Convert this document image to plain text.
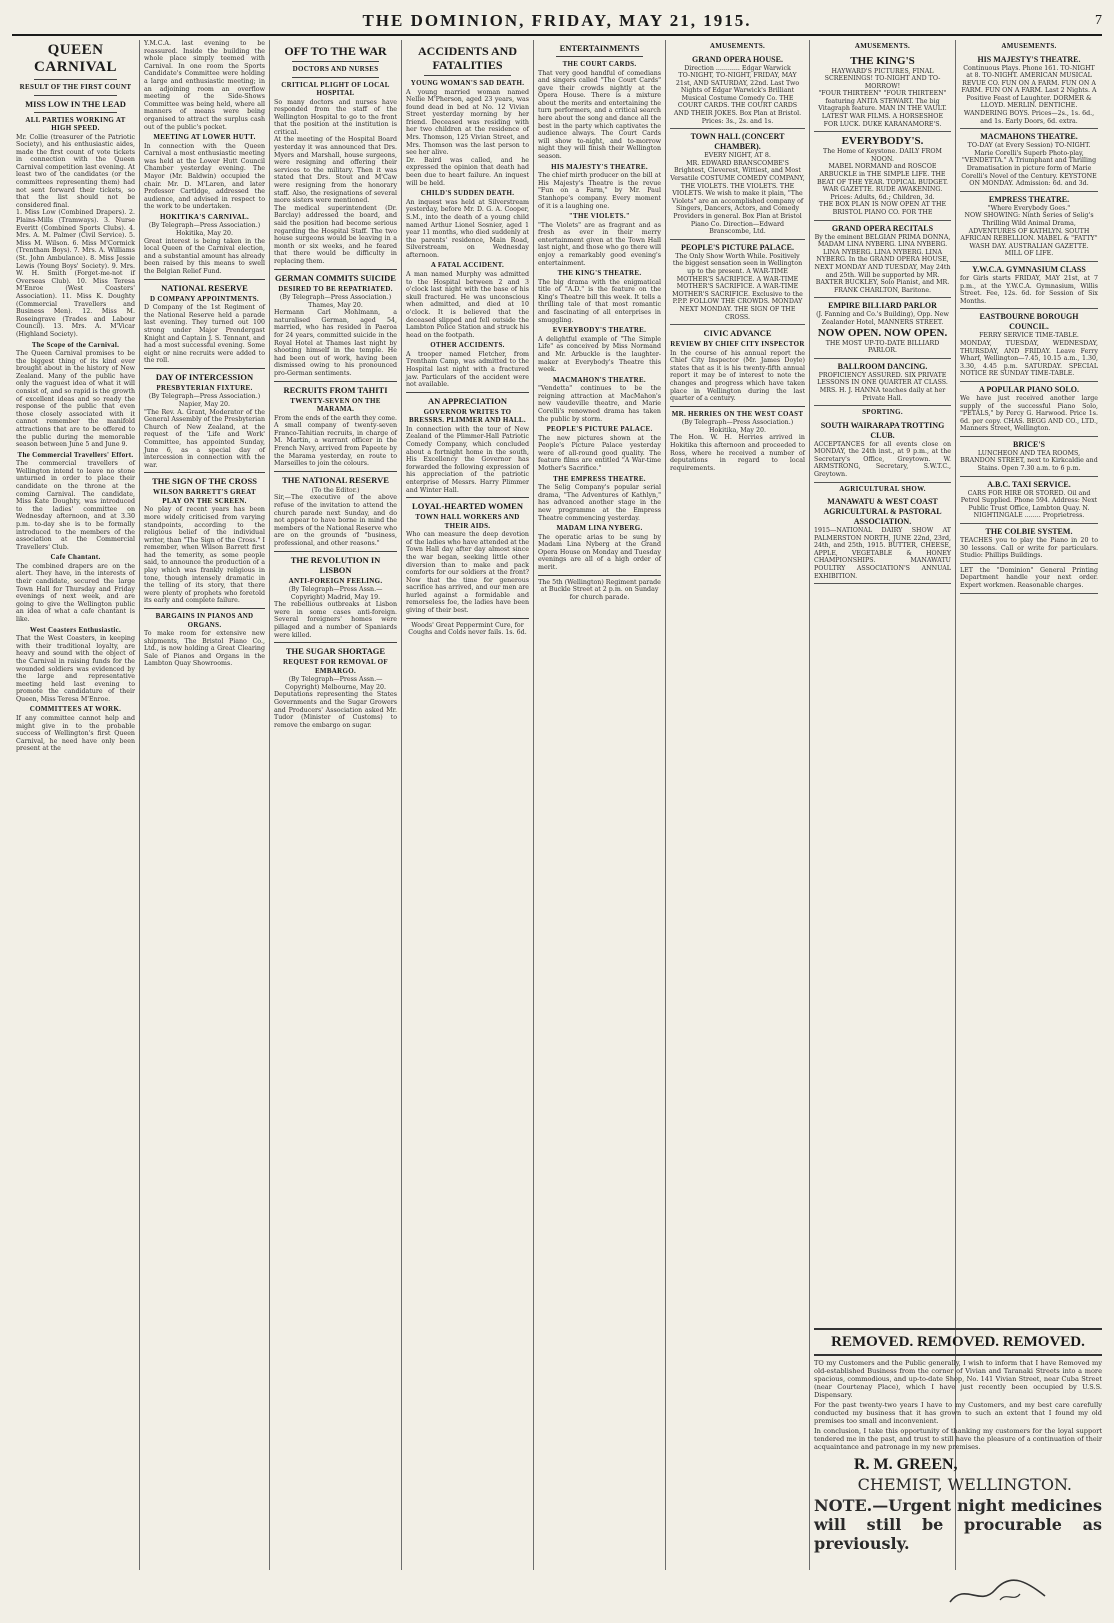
THE DOMINION, FRIDAY, MAY 21, 1915.	7
QUEEN CARNIVAL
RESULT OF THE FIRST COUNT
MISS LOW IN THE LEAD
ALL PARTIES WORKING AT HIGH SPEED.

Mr. Collie (treasurer of the Patriotic Society), and his enthusiastic aides, made the first count of vote tickets in connection with the Queen Carnival competition last evening. At least two of the candidates (or the committees representing them) had not sent forward their tickets, so that the list should not be considered final.

1. Miss Low (Combined Drapers). 2. Plains-Mills (Tramways). 3. Nurse Everitt (Combined Sports Clubs). 4. Mrs. A. M. Palmer (Civil Service). 5. Miss M. Wilson. 6. Miss M'Cormick (Trentham Boys). 7. Mrs. A. Williams (St. John Ambulance). 8. Miss Jessie Lewis (Young Boys' Society). 9. Mrs. W. H. Smith (Forget-me-not if Overseas Club). 10. Miss Teresa M'Enroe (West Coasters' Association). 11. Miss K. Doughty (Commercial Travellers and Business Men). 12. Miss M. Roseingrave (Trades and Labour Council). 13. Mrs. A. M'Vicar (Highland Society).

The Scope of the Carnival.

The Queen Carnival promises to be the biggest thing of its kind ever brought about in the history of New Zealand. Many of the public have only the vaguest idea of what it will consist of, and so rapid is the growth of excellent ideas and so ready the response of the public that even those closely associated with it cannot remember the manifold attractions that are to be offered to the public during the memorable season between June 5 and June 9.

The Commercial Travellers' Effort.

The commercial travellers of Wellington intend to leave no stone unturned in order to place their candidate on the throne at the coming Carnival. The candidate, Miss Kate Doughty, was introduced to the ladies' committee on Wednesday afternoon, and at 3.30 p.m. to-day she is to be formally introduced to the members of the association at the Commercial Travellers' Club.

Cafe Chantant.

The combined drapers are on the alert. They have, in the interests of their candidate, secured the large Town Hall for Thursday and Friday evenings of next week, and are going to give the Wellington public an idea of what a cafe chantant is like.

West Coasters Enthusiastic.

That the West Coasters, in keeping with their traditional loyalty, are heavy and sound with the object of the Carnival in raising funds for the wounded soldiers was evidenced by the large and representative meeting held last evening to promote the candidature of their Queen, Miss Teresa M'Enroe.

COMMITTEES AT WORK.

If any committee cannot help and might give in to the probable success of Wellington's first Queen Carnival, he need have only been present at the

Y.M.C.A. last evening to be reassured. Inside the building the whole place simply teemed with Carnival. In one room the Sports Candidate's Committee were holding a large and enthusiastic meeting; in an adjoining room an overflow meeting of the Side-Shows Committee was being held, where all manners of means were being organised to attract the surplus cash out of the public's pocket.

MEETING AT LOWER HUTT.

In connection with the Queen Carnival a most enthusiastic meeting was held at the Lower Hutt Council Chamber yesterday evening. The Mayor (Mr. Baldwin) occupied the chair. Mr. D. M'Laren, and later Professor Cartldge, addressed the audience, and advised in respect to the work to be undertaken.

HOKITIKA'S CARNIVAL.

(By Telegraph—Press Association.) Hokitika, May 20.

Great interest is being taken in the local Queen of the Carnival election, and a substantial amount has already been raised by this means to swell the Belgian Relief Fund.

NATIONAL RESERVE
D COMPANY APPOINTMENTS.

D Company of the 1st Regiment of the National Reserve held a parade last evening. They turned out 100 strong under Major Prendergast Knight and Captain J. S. Tennant, and had a most successful evening. Some eight or nine recruits were added to the roll.

DAY OF INTERCESSION
PRESBYTERIAN FIXTURE.

(By Telegraph—Press Association.) Napier, May 20.

"The Rev. A. Grant, Moderator of the General Assembly of the Presbyterian Church of New Zealand, at the request of the 'Life and Work' Committee, has appointed Sunday, June 6, as a special day of intercession in connection with the war.

THE SIGN OF THE CROSS
WILSON BARRETT'S GREAT PLAY ON THE SCREEN.

No play of recent years has been more widely criticised from varying standpoints, according to the religious belief of the individual writer, than "The Sign of the Cross." I remember, when Wilson Barrett first had the temerity, as some people said, to announce the production of a play which was frankly religious in tone, though intensely dramatic in the telling of its story, that there were plenty of prophets who foretold its early and complete failure.

BARGAINS IN PIANOS AND ORGANS.

To make room for extensive new shipments, The Bristol Piano Co., Ltd., is now holding a Great Clearing Sale of Pianos and Organs in the Lambton Quay Showrooms.

OFF TO THE WAR
DOCTORS AND NURSES
CRITICAL PLIGHT OF LOCAL HOSPITAL

So many doctors and nurses have responded from the staff of the Wellington Hospital to go to the front that the position at the institution is critical.

At the meeting of the Hospital Board yesterday it was announced that Drs. Myers and Marshall, house surgeons, were resigning and offering their services to the military. Then it was stated that Drs. Stout and M'Caw were resigning from the honorary staff. Also, the resignations of several more sisters were mentioned.

The medical superintendent (Dr. Barclay) addressed the board, and said the position had become serious regarding the Hospital Staff. The two house surgeons would be leaving in a month or six weeks, and he feared that there would be difficulty in replacing them.

GERMAN COMMITS SUICIDE
DESIRED TO BE REPATRIATED.

(By Telegraph—Press Association.) Thames, May 20.

Hermann Carl Mohlmann, a naturalised German, aged 54, married, who has resided in Paeroa for 24 years, committed suicide in the Royal Hotel at Thames last night by shooting himself in the temple. He had been out of work, having been dismissed owing to his pronounced pro-German sentiments.

RECRUITS FROM TAHITI
TWENTY-SEVEN ON THE MARAMA.

From the ends of the earth they come. A small company of twenty-seven Franco-Tahitian recruits, in charge of M. Martin, a warrant officer in the French Navy, arrived from Papeete by the Marama yesterday, en route to Marseilles to join the colours.

THE NATIONAL RESERVE

(To the Editor.)

Sir,—The executive of the above refuse of the invitation to attend the church parade next Sunday, and do not appear to have borne in mind the members of the National Reserve who are on the grounds of "business, professional, and other reasons."

THE REVOLUTION IN LISBON
ANTI-FOREIGN FEELING.

(By Telegraph—Press Assn.—Copyright) Madrid, May 19.

The rebellious outbreaks at Lisbon were in some cases anti-foreign. Several foreigners' homes were pillaged and a number of Spaniards were killed.

THE SUGAR SHORTAGE
REQUEST FOR REMOVAL OF EMBARGO.

(By Telegraph—Press Assn.—Copyright) Melbourne, May 20.

Deputations representing the States Governments and the Sugar Growers and Producers' Association asked Mr. Tudor (Minister of Customs) to remove the embargo on sugar.

ACCIDENTS AND FATALITIES
YOUNG WOMAN'S SAD DEATH.

A young married woman named Nellie M'Pherson, aged 23 years, was found dead in bed at No. 12 Vivian Street yesterday morning by her friend. Deceased was residing with her two children at the residence of Mrs. Thomson, 125 Vivian Street, and Mrs. Thomson was the last person to see her alive.

Dr. Baird was called, and he expressed the opinion that death had been due to heart failure. An inquest will be held.

CHILD'S SUDDEN DEATH.

An inquest was held at Silverstream yesterday, before Mr. D. G. A. Cooper, S.M., into the death of a young child named Arthur Lionel Sosnier, aged 1 year 11 months, who died suddenly at the parents' residence, Main Road, Silverstream, on Wednesday afternoon.

A FATAL ACCIDENT.

A man named Murphy was admitted to the Hospital between 2 and 3 o'clock last night with the base of his skull fractured. He was unconscious when admitted, and died at 10 o'clock. It is believed that the deceased slipped and fell outside the Lambton Police Station and struck his head on the footpath.

OTHER ACCIDENTS.

A trooper named Fletcher, from Trentham Camp, was admitted to the Hospital last night with a fractured jaw. Particulars of the accident were not available.

AN APPRECIATION
GOVERNOR WRITES TO BRESSRS. PLIMMER AND HALL.

In connection with the tour of New Zealand of the Plimmer-Hall Patriotic Comedy Company, which concluded about a fortnight home in the south, His Excellency the Governor has forwarded the following expression of his appreciation of the patriotic enterprise of Messrs. Harry Plimmer and Winter Hall.

LOYAL-HEARTED WOMEN
TOWN HALL WORKERS AND THEIR AIDS.

Who can measure the deep devotion of the ladies who have attended at the Town Hall day after day almost since the war began, seeking little other diversion than to make and pack comforts for our soldiers at the front? Now that the time for generous sacrifice has arrived, and our men are hurled against a formidable and remorseless foe, the ladies have been giving of their best.

Woods' Great Peppermint Cure, for Coughs and Colds never fails. 1s. 6d.

ENTERTAINMENTS
THE COURT CARDS.

That very good handful of comedians and singers called "The Court Cards" gave their crowds nightly at the Opera House. There is a mixture about the merits and entertaining the turn performers, and a critical search here about the song and dance all the best in the party which captivates the audience always. The Court Cards will show to-night, and to-morrow night they will finish their Wellington season.

HIS MAJESTY'S THEATRE.

The chief mirth producer on the bill at His Majesty's Theatre is the revue "Fun on a Farm," by Mr. Paul Stanhope's company. Every moment of it is a laughing one.

"THE VIOLETS."

"The Violets" are as fragrant and as fresh as ever in their merry entertainment given at the Town Hall last night, and those who go there will enjoy a remarkably good evening's entertainment.

THE KING'S THEATRE.

The big drama with the enigmatical title of "A.D." is the feature on the King's Theatre bill this week. It tells a thrilling tale of that most romantic and fascinating of all enterprises in smuggling.

EVERYBODY'S THEATRE.

A delightful example of "The Simple Life" as conceived by Miss Normand and Mr. Arbuckle is the laughter-maker at Everybody's Theatre this week.

MACMAHON'S THEATRE.

"Vendetta" continues to be the reigning attraction at MacMahon's new vaudeville theatre, and Marie Corelli's renowned drama has taken the public by storm.

PEOPLE'S PICTURE PALACE.

The new pictures shown at the People's Picture Palace yesterday were of all-round good quality. The feature films are entitled "A War-time Mother's Sacrifice."

THE EMPRESS THEATRE.

The Selig Company's popular serial drama, "The Adventures of Kathlyn," has advanced another stage in the new programme at the Empress Theatre commencing yesterday.

MADAM LINA NYBERG.

The operatic arias to be sung by Madam Lina Nyberg at the Grand Opera House on Monday and Tuesday evenings are all of a high order of merit.

The 5th (Wellington) Regiment parade at Buckle Street at 2 p.m. on Sunday for church parade.

AMUSEMENTS.
GRAND OPERA HOUSE.

Direction ............ Edgar Warwick

TO-NIGHT, TO-NIGHT, FRIDAY, MAY 21st, AND SATURDAY, 22nd. Last Two Nights of Edgar Warwick's Brilliant Musical Costume Comedy Co. THE COURT CARDS. THE COURT CARDS AND THEIR JOKES. Box Plan at Bristol. Prices: 3s., 2s. and 1s.

TOWN HALL (CONCERT CHAMBER).

EVERY NIGHT, AT 8.

MR. EDWARD BRANSCOMBE'S Brightest, Cleverest, Wittiest, and Most Versatile COSTUME COMEDY COMPANY, THE VIOLETS. THE VIOLETS. THE VIOLETS. We wish to make it plain, "The Violets" are an accomplished company of Singers, Dancers, Actors, and Comedy Providers in general. Box Plan at Bristol Piano Co. Direction—Edward Branscombe, Ltd.

PEOPLE'S PICTURE PALACE.

The Only Show Worth While. Positively the biggest sensation seen in Wellington up to the present. A WAR-TIME MOTHER'S SACRIFICE. A WAR-TIME MOTHER'S SACRIFICE. A WAR-TIME MOTHER'S SACRIFICE. Exclusive to the P.P.P. FOLLOW THE CROWDS. MONDAY NEXT MONDAY. THE SIGN OF THE CROSS.

CIVIC ADVANCE
REVIEW BY CHIEF CITY INSPECTOR

In the course of his annual report the Chief City Inspector (Mr. James Doyle) states that as it is his twenty-fifth annual report it may be of interest to note the changes and progress which have taken place in Wellington during the last quarter of a century.

MR. HERRIES ON THE WEST COAST

(By Telegraph—Press Association.) Hokitika, May 20.

The Hon. W. H. Herries arrived in Hokitika this afternoon and proceeded to Ross, where he received a number of deputations in regard to local requirements.

AMUSEMENTS.
THE KING'S

HAYWARD'S PICTURES, FINAL SCREENINGS! TO-NIGHT AND TO-MORROW!

"FOUR THIRTEEN" "FOUR THIRTEEN" featuring ANITA STEWART. The big Vitagraph feature. MAN IN THE VAULT. LATEST WAR FILMS. A HORSESHOE FOR LUCK. DUKE KARANAMORE'S.

EVERYBODY'S.

The Home of Keystone. DAILY FROM NOON.

MABEL NORMAND and ROSCOE ARBUCKLE in THE SIMPLE LIFE. THE BEAT OF THE YEAR. TOPICAL BUDGET. WAR GAZETTE. RUDE AWAKENING. Prices: Adults, 6d.; Children, 3d.

THE BOX PLAN IS NOW OPEN AT THE BRISTOL PIANO CO. FOR THE

GRAND OPERA RECITALS

By the eminent BELGIAN PRIMA DONNA, MADAM LINA NYBERG. LINA NYBERG. LINA NYBERG. LINA NYBERG. LINA NYBERG. In the GRAND OPERA HOUSE, NEXT MONDAY AND TUESDAY, May 24th and 25th. Will be supported by MR. BAXTER BUCKLEY, Solo Pianist, and MR. FRANK CHARLTON, Baritone.

EMPIRE BILLIARD PARLOR

(J. Fanning and Co.'s Building), Opp. New Zealander Hotel, MANNERS STREET.

NOW OPEN. NOW OPEN.

THE MOST UP-TO-DATE BILLIARD PARLOR.

BALLROOM DANCING.

PROFICIENCY ASSURED. SIX PRIVATE LESSONS IN ONE QUARTER AT CLASS. MRS. H. J. HANNA teaches daily at her Private Hall.

SPORTING.
SOUTH WAIRARAPA TROTTING CLUB.

ACCEPTANCES for all events close on MONDAY, the 24th inst., at 9 p.m., at the Secretary's Office, Greytown. W. ARMSTRONG, Secretary, S.W.T.C., Greytown.

AGRICULTURAL SHOW.
MANAWATU & WEST COAST AGRICULTURAL & PASTORAL ASSOCIATION.

1915—NATIONAL DAIRY SHOW AT PALMERSTON NORTH, JUNE 22nd, 23rd, 24th, and 25th, 1915. BUTTER, CHEESE, APPLE, VEGETABLE & HONEY CHAMPIONSHIPS. MANAWATU POULTRY ASSOCIATION'S ANNUAL EXHIBITION.

AMUSEMENTS.
HIS MAJESTY'S THEATRE.

Continuous Plays. Phone 161. TO-NIGHT at 8. TO-NIGHT. AMERICAN MUSICAL REVUE CO. FUN ON A FARM. FUN ON A FARM. FUN ON A FARM. Last 2 Nights. A Positive Feast of Laughter. DORMER & LLOYD. MERLIN. DENTICHE. WANDERING BOYS. Prices—2s., 1s. 6d., and 1s. Early Doors, 6d. extra.

MACMAHONS THEATRE.

TO-DAY (at Every Session) TO-NIGHT. Marie Corelli's Superb Photo-play, "VENDETTA." A Triumphant and Thrilling Dramatisation in picture form of Marie Corelli's Novel of the Century. KEYSTONE ON MONDAY. Admission: 6d. and 3d.

EMPRESS THEATRE.

"Where Everybody Goes."

NOW SHOWING: Ninth Series of Selig's Thrilling Wild Animal Drama, ADVENTURES OF KATHLYN. SOUTH AFRICAN REBELLION. MABEL & "FATTY" WASH DAY. AUSTRALIAN GAZETTE. MILL OF LIFE.

Y.W.C.A. GYMNASIUM CLASS

for Girls starts FRIDAY, MAY 21st, at 7 p.m., at the Y.W.C.A. Gymnasium, Willis Street. Fee, 12s. 6d. for Session of Six Months.

EASTBOURNE BOROUGH COUNCIL.

FERRY SERVICE TIME-TABLE.

MONDAY, TUESDAY, WEDNESDAY, THURSDAY, AND FRIDAY. Leave Ferry Wharf, Wellington—7.45, 10.15 a.m., 1.30, 3.30, 4.45 p.m. SATURDAY. SPECIAL NOTICE RE SUNDAY TIME-TABLE.

A POPULAR PIANO SOLO.

We have just received another large supply of the successful Piano Solo, "PETALS," by Percy G. Harwood. Price 1s. 6d. per copy. CHAS. BEGG AND CO., LTD., Manners Street, Wellington.

BRICE'S

LUNCHEON AND TEA ROOMS, BRANDON STREET, next to Kirkcaldie and Stains. Open 7.30 a.m. to 6 p.m.

A.B.C. TAXI SERVICE.

CARS FOR HIRE OR STORED. Oil and Petrol Supplied. Phone 594. Address: Next Public Trust Office, Lambton Quay. N. NIGHTINGALE ........ Proprietress.

THE COLBIE SYSTEM.

TEACHES you to play the Piano in 20 to 30 lessons. Call or write for particulars. Studio: Phillips Buildings.

LET the "Dominion" General Printing Department handle your next order. Expert workmen. Reasonable charges.

REMOVED. REMOVED. REMOVED.

TO my Customers and the Public generally, I wish to inform that I have Removed my old-established Business from the corner of Vivian and Taranaki Streets into a more spacious, commodious, and up-to-date Shop, No. 141 Vivian Street, near Cuba Street (near Courtenay Place), which I have just recently been occupied by U.S.S. Dispensary.

For the past twenty-two years I have to my Customers, and my best care carefully conducted my business that it has grown to such an extent that I found my old premises too small and inconvenient.

In conclusion, I take this opportunity of thanking my customers for the loyal support tendered me in the past, and trust to still have the pleasure of a continuation of their acquaintance and patronage in my new premises.

R. M. GREEN,

CHEMIST, WELLINGTON.

NOTE.—Urgent night medicines will still be procurable as previously.
